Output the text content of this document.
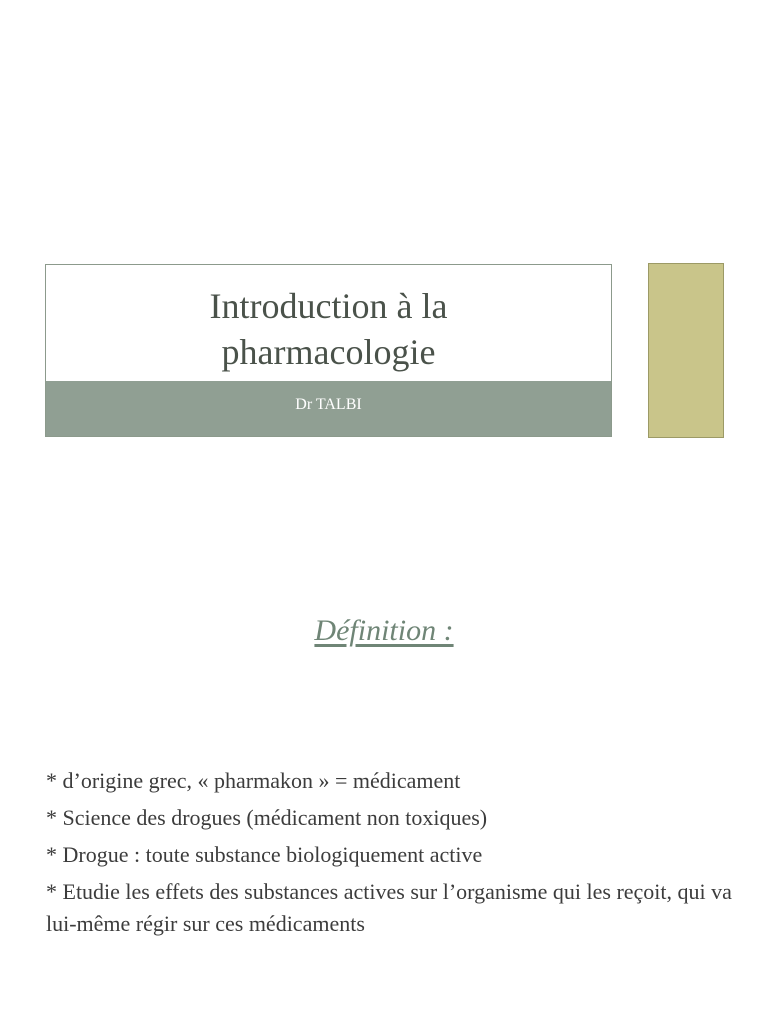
Introduction à la
pharmacologie
Dr TALBI
Définition :
* d’origine grec, « pharmakon » = médicament
* Science des drogues (médicament non toxiques)
* Drogue : toute substance biologiquement active
* Etudie les effets des substances actives sur l’organisme qui les reçoit, qui va lui-même régir sur ces médicaments
